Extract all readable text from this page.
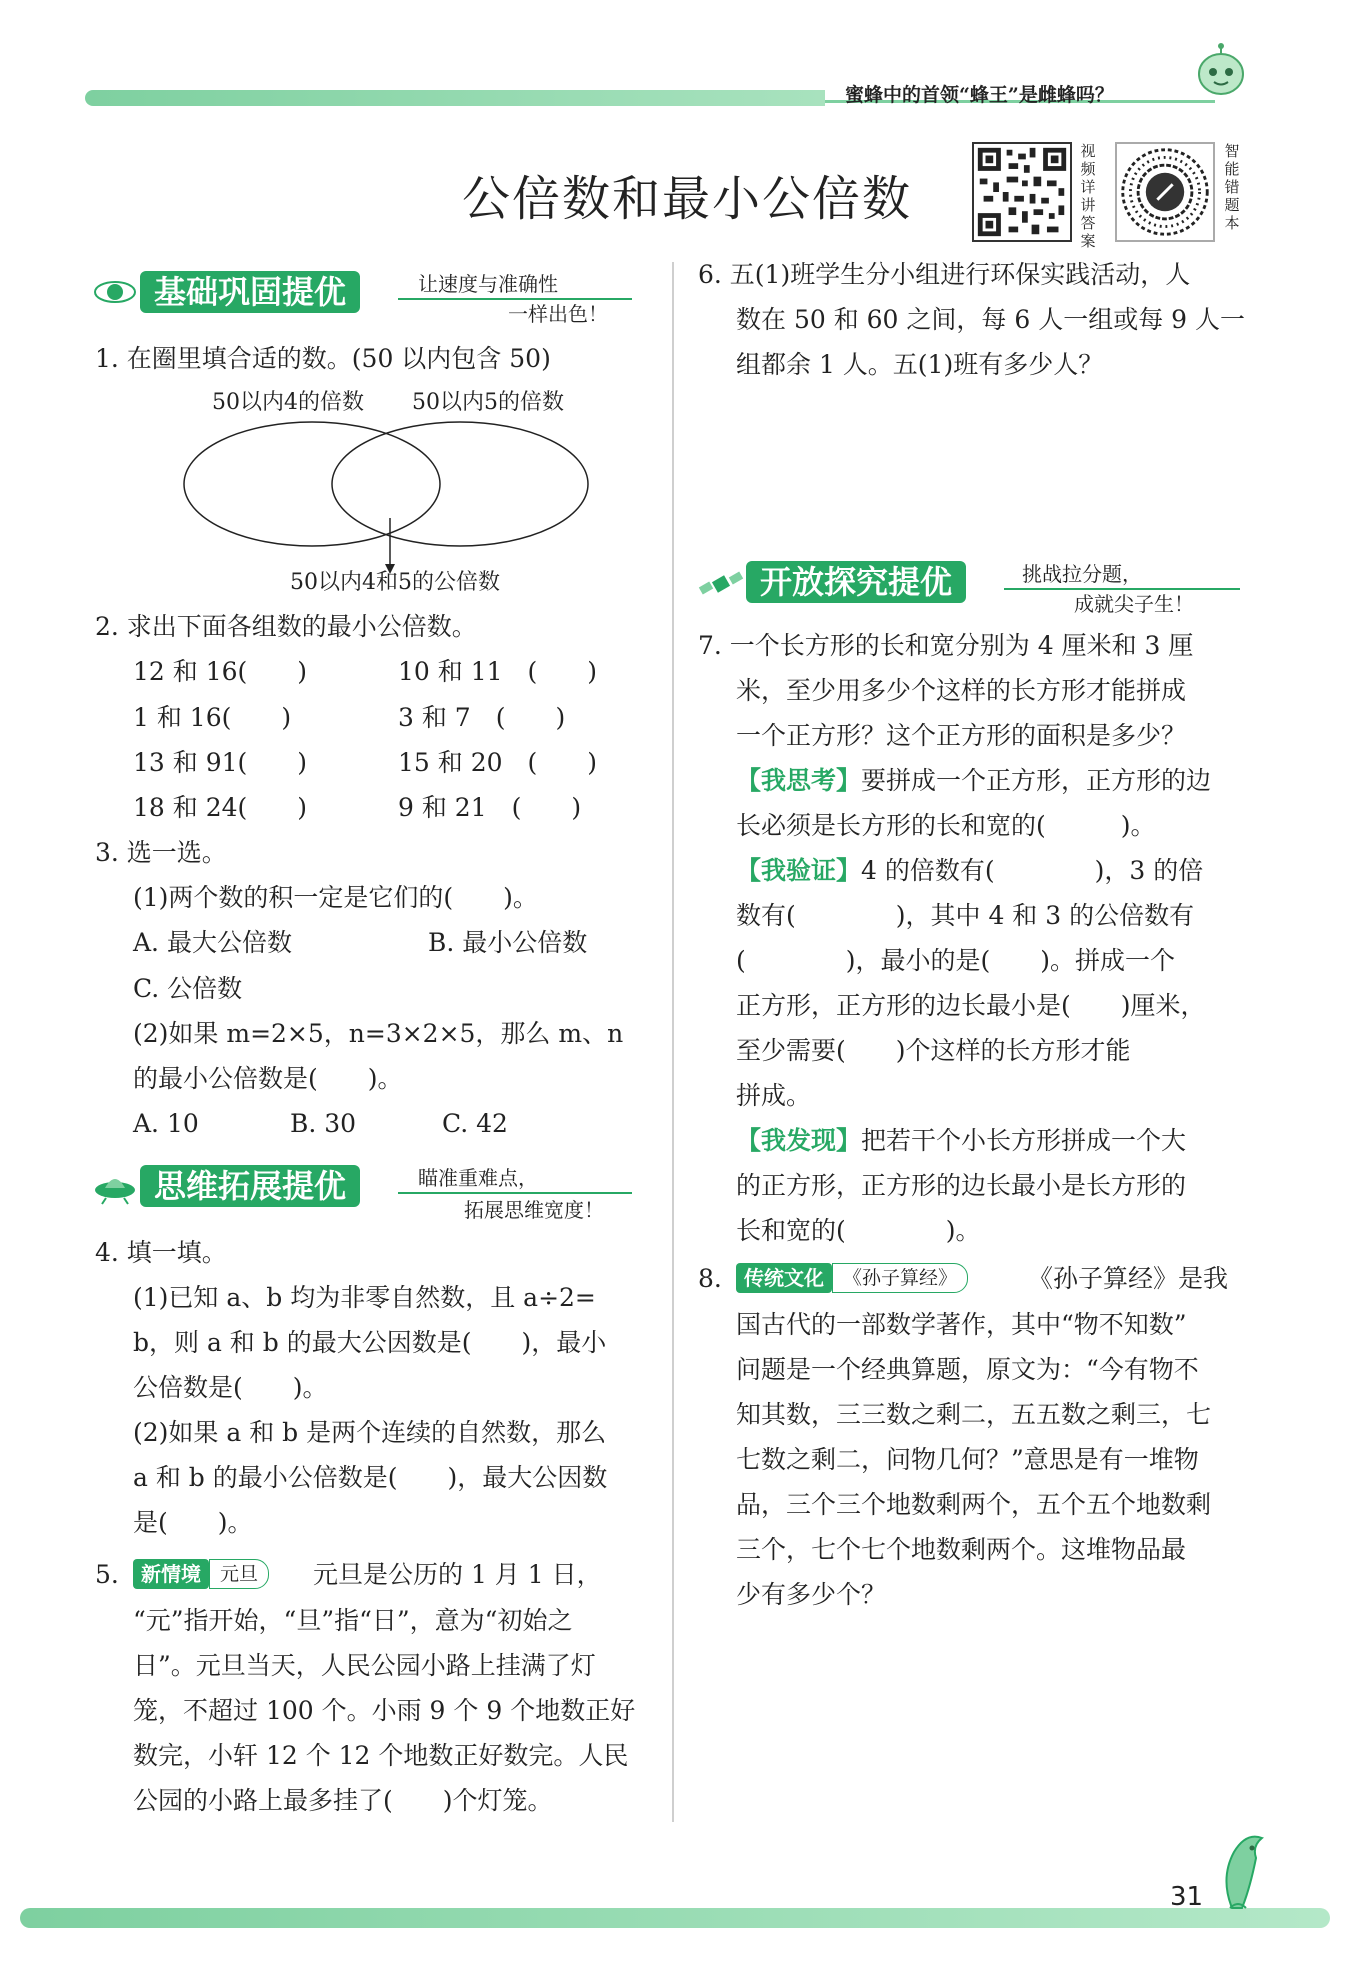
蜜蜂中的首领“蜂王”是雌蜂吗？
公倍数和最小公倍数
视频详讲答案
智能错题本
基础巩固提优	让速度与准确性
一样出色！
1. 在圈里填合适的数。(50 以内包含 50)
50以内4的倍数 50以内5的倍数
50以内4和5的公倍数
2. 求出下面各组数的最小公倍数。
12 和 16(　　)	10 和 11　(　　)
1 和 16(　　)	3 和 7　(　　)
13 和 91(　　)	15 和 20　(　　)
18 和 24(　　)	9 和 21　(　　)
3. 选一选。
(1)两个数的积一定是它们的(　　)。
A. 最大公倍数	B. 最小公倍数
C. 公倍数
(2)如果 m=2×5，n=3×2×5，那么 m、n
的最小公倍数是(　　)。
A. 10	B. 30	C. 42
思维拓展提优	瞄准重难点，
拓展思维宽度！
4. 填一填。
(1)已知 a、b 均为非零自然数，且 a÷2=
b，则 a 和 b 的最大公因数是(　　)，最小
公倍数是(　　)。
(2)如果 a 和 b 是两个连续的自然数，那么
a 和 b 的最小公倍数是(　　)，最大公因数
是(　　)。
5.	新情境 元旦	元旦是公历的 1 月 1 日，
“元”指开始，“旦”指“日”，意为“初始之
日”。元旦当天，人民公园小路上挂满了灯
笼，不超过 100 个。小雨 9 个 9 个地数正好
数完，小轩 12 个 12 个地数正好数完。人民
公园的小路上最多挂了(　　)个灯笼。
6. 五(1)班学生分小组进行环保实践活动，人
数在 50 和 60 之间，每 6 人一组或每 9 人一
组都余 1 人。五(1)班有多少人？
开放探究提优	挑战拉分题，
成就尖子生！
7. 一个长方形的长和宽分别为 4 厘米和 3 厘
米，至少用多少个这样的长方形才能拼成
一个正方形？这个正方形的面积是多少？
【我思考】要拼成一个正方形，正方形的边
长必须是长方形的长和宽的(　　　)。
【我验证】4 的倍数有(　　　　)，3 的倍
数有(　　　　)，其中 4 和 3 的公倍数有
(　　　　)，最小的是(　　)。拼成一个
正方形，正方形的边长最小是(　　)厘米，
至少需要(　　)个这样的长方形才能
拼成。
【我发现】把若干个小长方形拼成一个大
的正方形，正方形的边长最小是长方形的
长和宽的(　　　　)。
8.	传统文化 《孙子算经》	《孙子算经》是我
国古代的一部数学著作，其中“物不知数”
问题是一个经典算题，原文为：“今有物不
知其数，三三数之剩二，五五数之剩三，七
七数之剩二，问物几何？”意思是有一堆物
品，三个三个地数剩两个，五个五个地数剩
三个，七个七个地数剩两个。这堆物品最
少有多少个？
31
